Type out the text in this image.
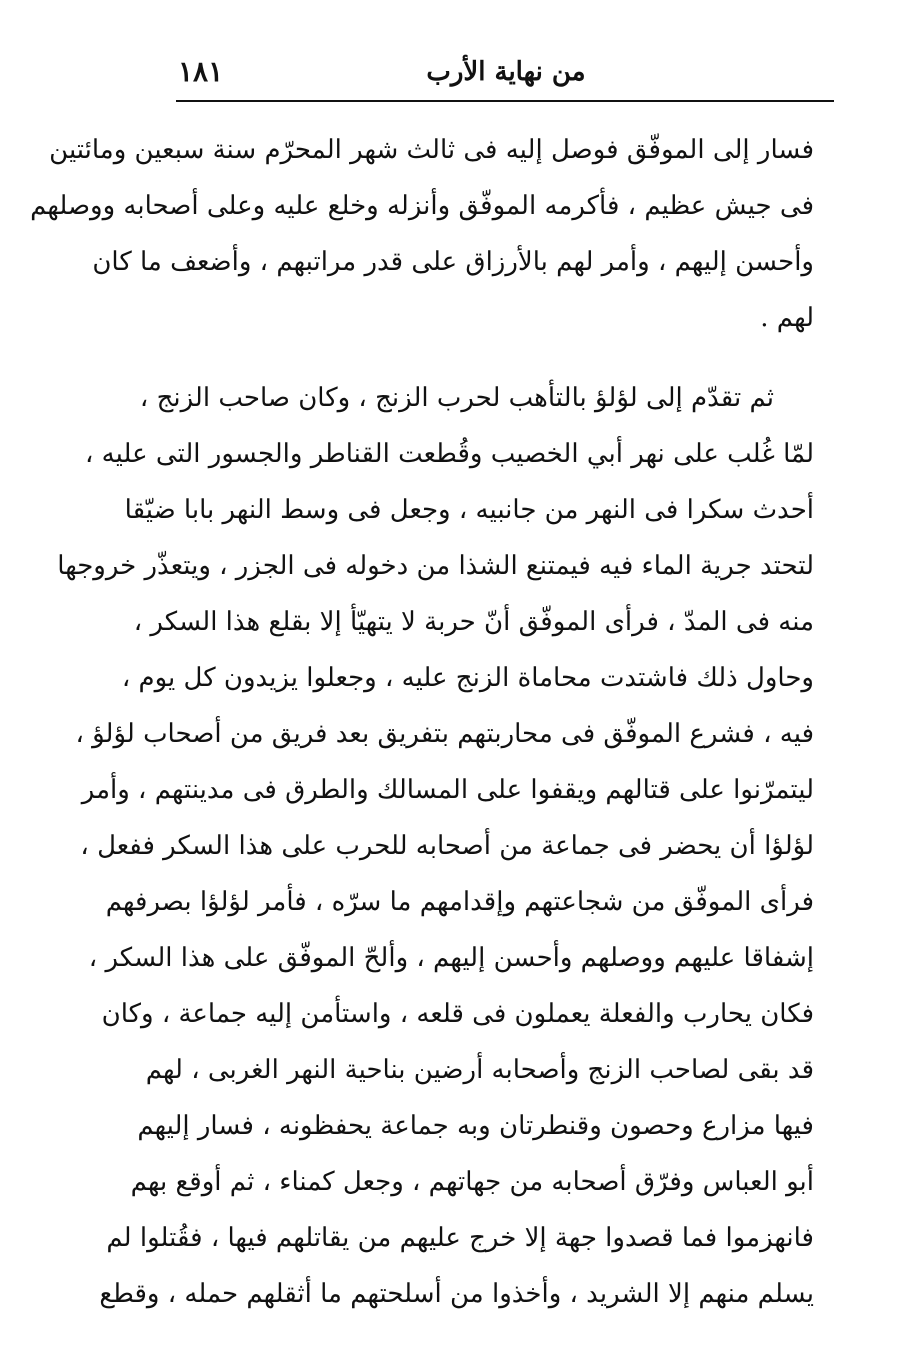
من نهاية الأرب
١٨١
فسار إلى الموفّق فوصل إليه فى ثالث شهر المحرّم سنة سبعين ومائتين
فى جيش عظيم ، فأكرمه الموفّق وأنزله وخلع عليه وعلى أصحابه ووصلهم
وأحسن إليهم ، وأمر لهم بالأرزاق على قدر مراتبهم ، وأضعف ما كان
لهم .
ثم تقدّم إلى لؤلؤ بالتأهب لحرب الزنج ، وكان صاحب الزنج ،
لمّا غُلب على نهر أبي الخصيب وقُطعت القناطر والجسور التى عليه ،
أحدث سكرا فى النهر من جانبيه ، وجعل فى وسط النهر بابا ضيّقا
لتحتد جرية الماء فيه فيمتنع الشذا من دخوله فى الجزر ، ويتعذّر خروجها
منه فى المدّ ، فرأى الموفّق أنّ حربة لا يتهيّأ إلا بقلع هذا السكر ،
وحاول ذلك فاشتدت محاماة الزنج عليه ، وجعلوا يزيدون كل يوم ،
فيه ، فشرع الموفّق فى محاربتهم بتفريق بعد فريق من أصحاب لؤلؤ ،
ليتمرّنوا على قتالهم ويقفوا على المسالك والطرق فى مدينتهم ، وأمر
لؤلؤا أن يحضر فى جماعة من أصحابه للحرب على هذا السكر ففعل ،
فرأى الموفّق من شجاعتهم وإقدامهم ما سرّه ، فأمر لؤلؤا بصرفهم
إشفاقا عليهم ووصلهم وأحسن إليهم ، وألحّ الموفّق على هذا السكر ،
فكان يحارب والفعلة يعملون فى قلعه ، واستأمن إليه جماعة ، وكان
قد بقى لصاحب الزنج وأصحابه أرضين بناحية النهر الغربى ، لهم
فيها مزارع وحصون وقنطرتان وبه جماعة يحفظونه ، فسار إليهم
أبو العباس وفرّق أصحابه من جهاتهم ، وجعل كمناء ، ثم أوقع بهم
فانهزموا فما قصدوا جهة إلا خرج عليهم من يقاتلهم فيها ، فقُتلوا لم
يسلم منهم إلا الشريد ، وأخذوا من أسلحتهم ما أثقلهم حمله ، وقطع
